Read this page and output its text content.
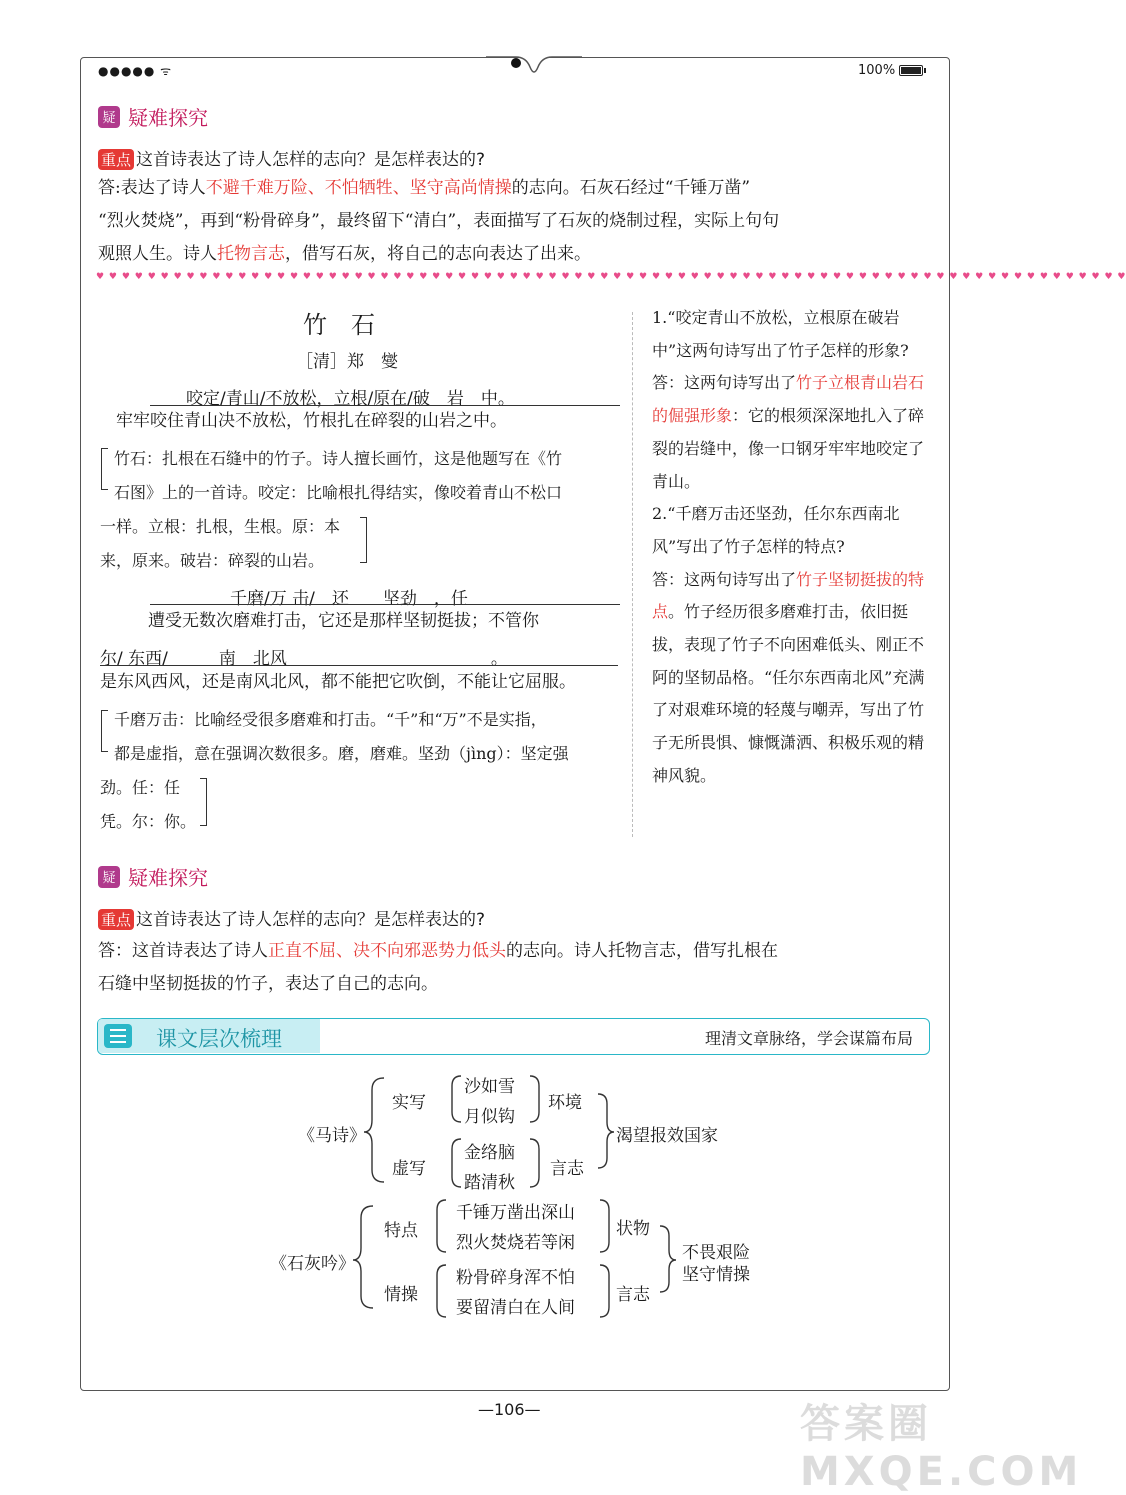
●●●●● ᯤ	100%
疑 疑难探究
重点 这首诗表达了诗人怎样的志向？是怎样表达的?
答:表达了诗人不避千难万险、不怕牺牲、坚守高尚情操的志向。石灰石经过“千锤万凿”
“烈火焚烧”，再到“粉骨碎身”，最终留下“清白”，表面描写了石灰的烧制过程，实际上句句
观照人生。诗人托物言志，借写石灰，将自己的志向表达了出来。
♥ ♥ ♥ ♥ ♥ ♥ ♥ ♥ ♥ ♥ ♥ ♥ ♥ ♥ ♥ ♥ ♥ ♥ ♥ ♥ ♥ ♥ ♥ ♥ ♥ ♥ ♥ ♥ ♥ ♥ ♥ ♥ ♥ ♥ ♥ ♥ ♥ ♥ ♥ ♥ ♥ ♥ ♥ ♥ ♥ ♥ ♥ ♥ ♥ ♥ ♥ ♥ ♥ ♥ ♥ ♥ ♥ ♥ ♥ ♥ ♥ ♥ ♥ ♥ ♥ ♥ ♥ ♥ ♥ ♥ ♥ ♥ ♥ ♥ ♥ ♥ ♥ ♥ ♥ ♥
竹　石
［清］郑　燮
咬定/青山/不放松，立根/原在/破　岩　中。
牢牢咬住青山决不放松，竹根扎在碎裂的山岩之中。
竹石：扎根在石缝中的竹子。诗人擅长画竹，这是他题写在《竹
石图》上的一首诗。咬定：比喻根扎得结实，像咬着青山不松口
一样。立根：扎根，生根。原：本
来，原来。破岩：碎裂的山岩。
千磨/万 击/　还　　坚劲　，任
遭受无数次磨难打击，它还是那样坚韧挺拔；不管你
尔/ 东西/　　　南　北风　　　　　　　　　　　　。
是东风西风，还是南风北风，都不能把它吹倒，不能让它屈服。
千磨万击：比喻经受很多磨难和打击。“千”和“万”不是实指，
都是虚指，意在强调次数很多。磨，磨难。坚劲（jìng）：坚定强
劲。任：任
凭。尔：你。
1.“咬定青山不放松，立根原在破岩中”这两句诗写出了竹子怎样的形象?
答：这两句诗写出了竹子立根青山岩石的倔强形象：它的根须深深地扎入了碎裂的岩缝中，像一口钢牙牢牢地咬定了青山。
2.“千磨万击还坚劲，任尔东西南北风”写出了竹子怎样的特点?
答：这两句诗写出了竹子坚韧挺拔的特点。竹子经历很多磨难打击，依旧挺拔，表现了竹子不向困难低头、刚正不阿的坚韧品格。“任尔东西南北风”充满了对艰难环境的轻蔑与嘲弄，写出了竹子无所畏惧、慷慨潇洒、积极乐观的精神风貌。
疑 疑难探究
重点 这首诗表达了诗人怎样的志向？是怎样表达的?
答：这首诗表达了诗人正直不屈、决不向邪恶势力低头的志向。诗人托物言志，借写扎根在
石缝中坚韧挺拔的竹子，表达了自己的志向。
课文层次梳理	理清文章脉络，学会谋篇布局
《马诗》
实写
沙如雪
月似钩
环境
虚写
金络脑
踏清秋
言志
渴望报效国家
《石灰吟》
特点
千锤万凿出深山
烈火焚烧若等闲
状物
情操
粉骨碎身浑不怕
要留清白在人间
言志
不畏艰险
坚守情操
—106—	答案圈 MXQE.COM
